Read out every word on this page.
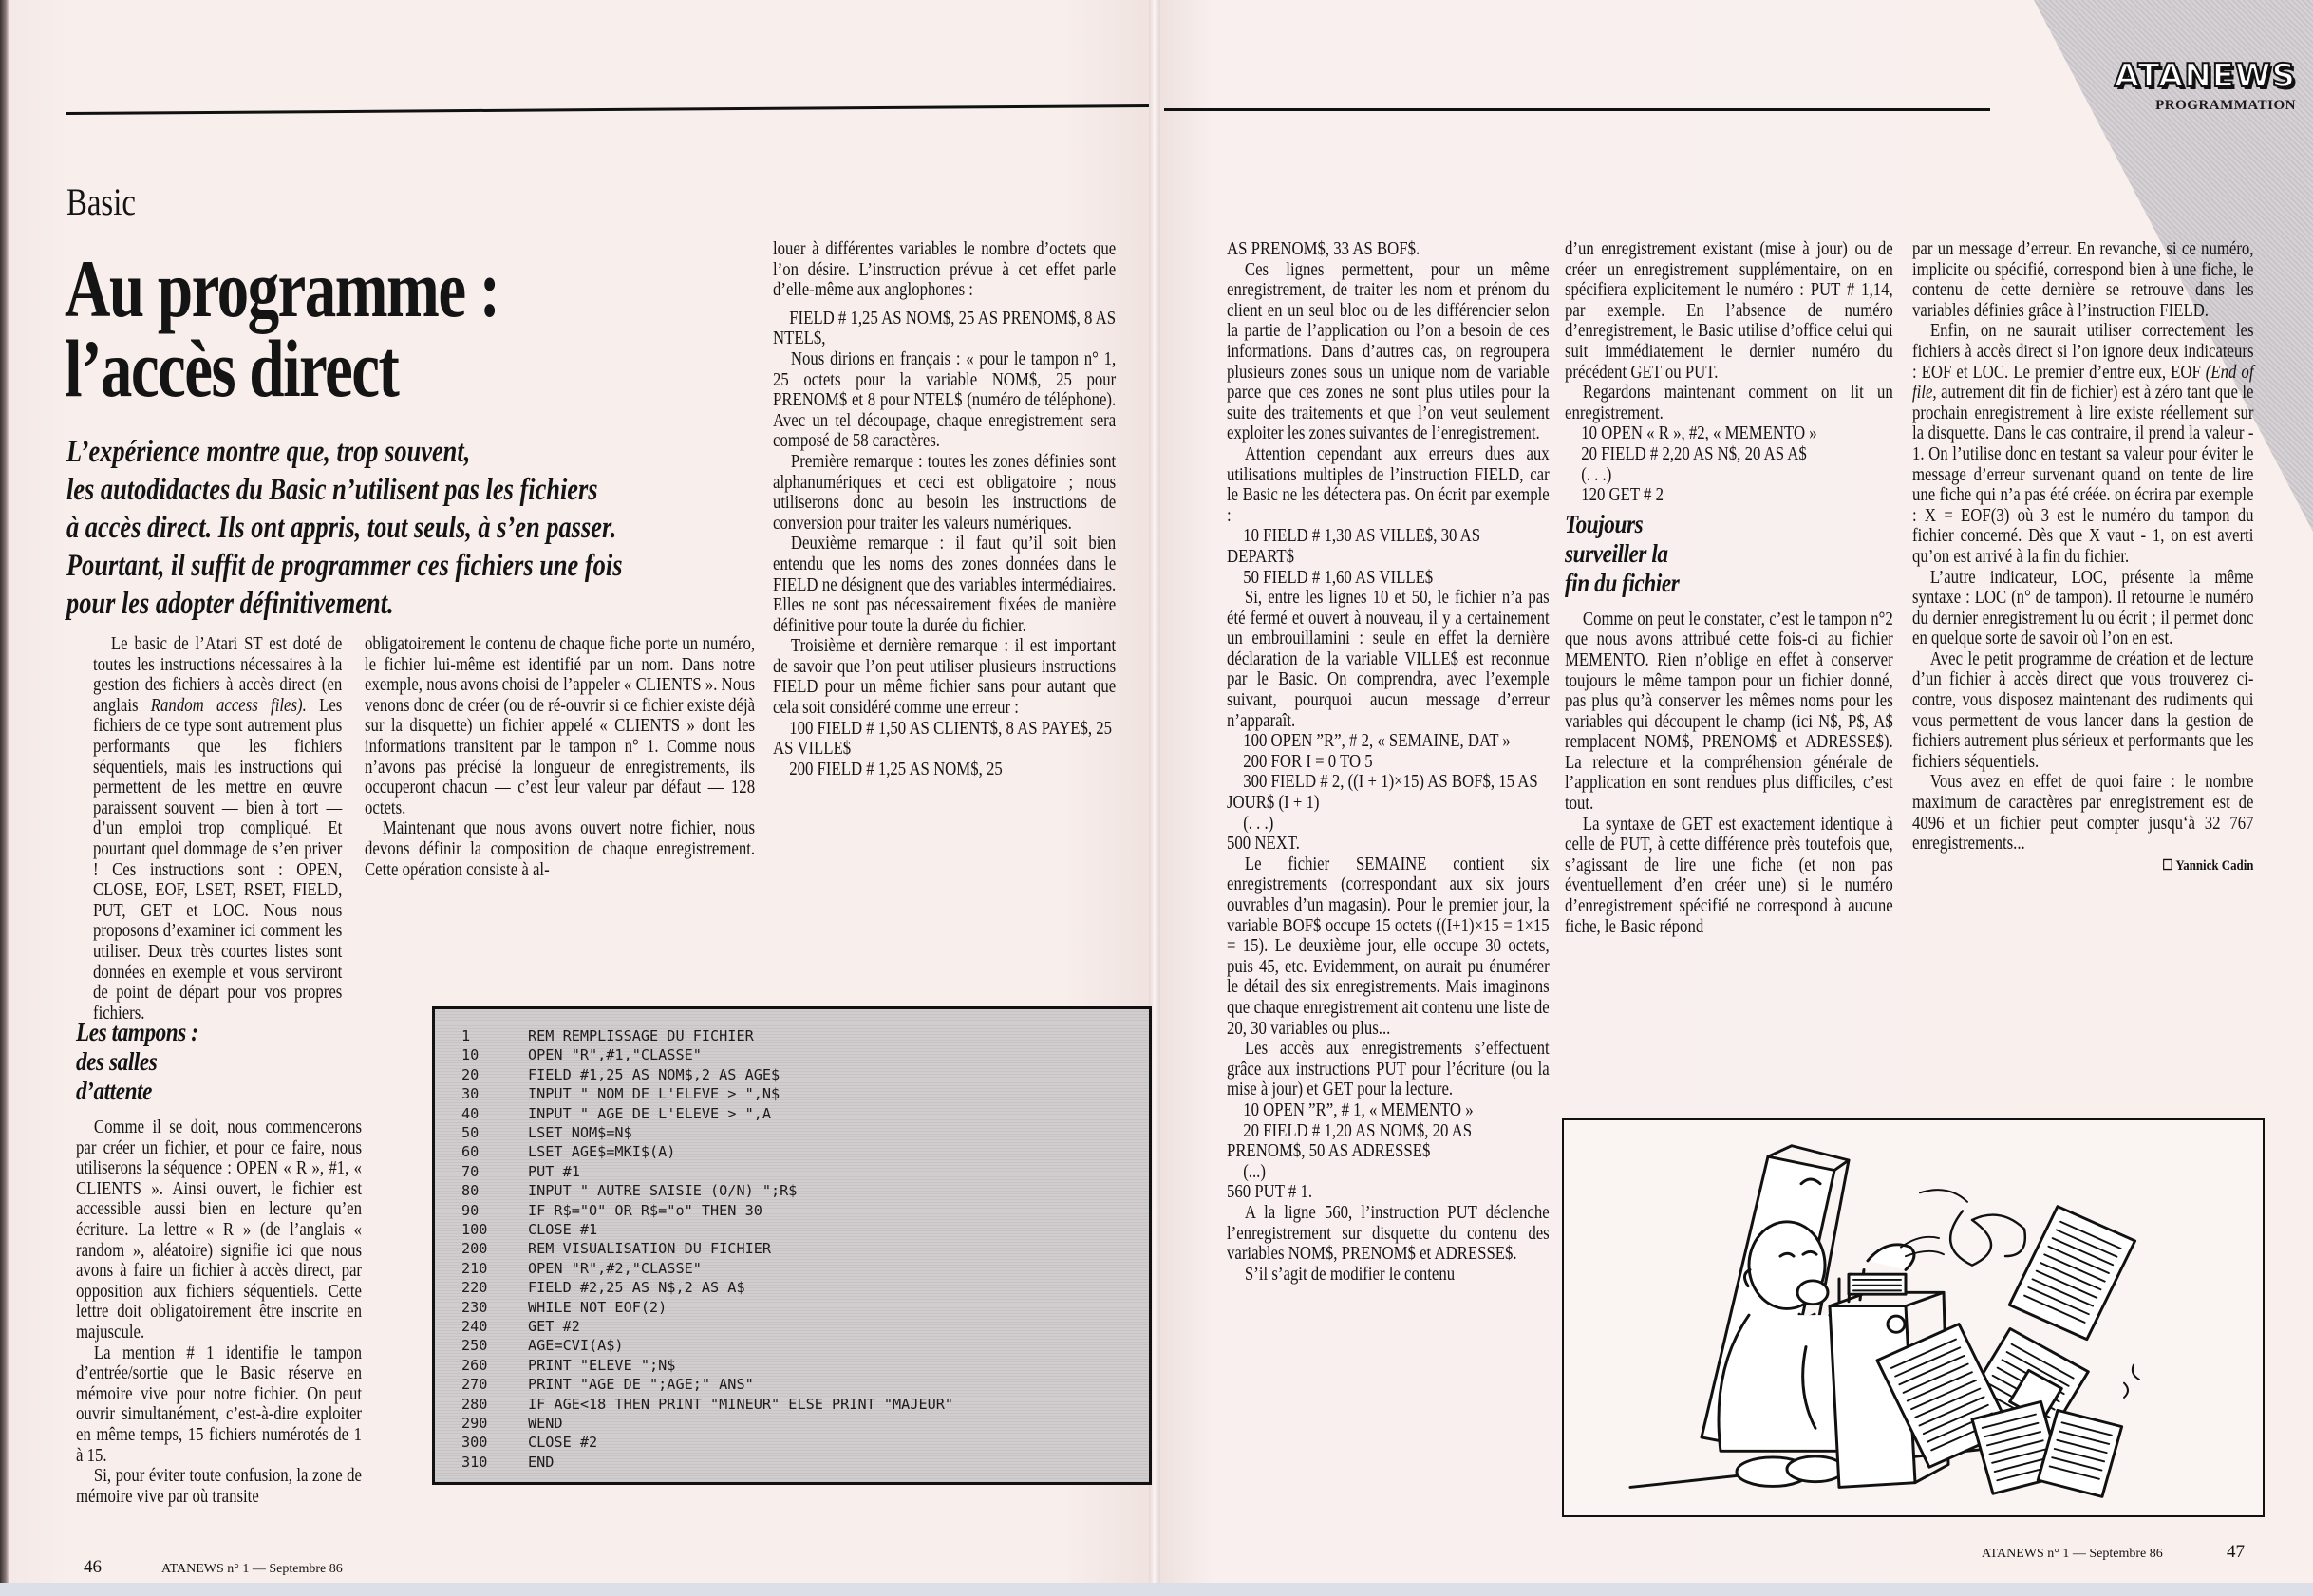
ATANEWS
PROGRAMMATION
Basic
Au programme :
l’accès direct
L’expérience montre que, trop souvent,
les autodidactes du Basic n’utilisent pas les fichiers
à accès direct. Ils ont appris, tout seuls, à s’en passer.
Pourtant, il suffit de programmer ces fichiers une fois
pour les adopter définitivement.

Le basic de l’Atari ST est doté de toutes les instructions nécessaires à la gestion des fichiers à accès direct (en anglais Random access files). Les fichiers de ce type sont autrement plus performants que les fichiers séquentiels, mais les instructions qui permettent de les mettre en œuvre paraissent souvent — bien à tort — d’un emploi trop compliqué. Et pourtant quel dommage de s’en priver ! Ces instructions sont : OPEN, CLOSE, EOF, LSET, RSET, FIELD, PUT, GET et LOC. Nous nous proposons d’examiner ici comment les utiliser. Deux très courtes listes sont données en exemple et vous serviront de point de départ pour vos propres fichiers.

Les tampons :
des salles
d’attente

Comme il se doit, nous commencerons par créer un fichier, et pour ce faire, nous utiliserons la séquence : OPEN « R », #1, « CLIENTS ». Ainsi ouvert, le fichier est accessible aussi bien en lecture qu’en écriture. La lettre « R » (de l’anglais « random », aléatoire) signifie ici que nous avons à faire un fichier à accès direct, par opposition aux fichiers séquentiels. Cette lettre doit obligatoirement être inscrite en majuscule.

La mention # 1 identifie le tampon d’entrée/sortie que le Basic réserve en mémoire vive pour notre fichier. On peut ouvrir simultanément, c’est-à-dire exploiter en même temps, 15 fichiers numérotés de 1 à 15.

Si, pour éviter toute confusion, la zone de mémoire vive par où transite

obligatoirement le contenu de chaque fiche porte un numéro, le fichier lui-même est identifié par un nom. Dans notre exemple, nous avons choisi de l’appeler « CLIENTS ». Nous venons donc de créer (ou de ré-ouvrir si ce fichier existe déjà sur la disquette) un fichier appelé « CLIENTS » dont les informations transitent par le tampon n° 1. Comme nous n’avons pas précisé la longueur de enregistrements, ils occuperont chacun — c’est leur valeur par défaut — 128 octets.

Maintenant que nous avons ouvert notre fichier, nous devons définir la composition de chaque enregistrement. Cette opération consiste à al-

louer à différentes variables le nombre d’octets que l’on désire. L’instruction prévue à cet effet parle d’elle-même aux anglophones :

FIELD # 1,25 AS NOM$, 25 AS PRENOM$, 8 AS NTEL$,

Nous dirions en français : « pour le tampon n° 1, 25 octets pour la variable NOM$, 25 pour PRENOM$ et 8 pour NTEL$ (numéro de téléphone). Avec un tel découpage, chaque enregistrement sera composé de 58 caractères.

Première remarque : toutes les zones définies sont alphanumériques et ceci est obligatoire ; nous utiliserons donc au besoin les instructions de conversion pour traiter les valeurs numériques.

Deuxième remarque : il faut qu’il soit bien entendu que les noms des zones données dans le FIELD ne désignent que des variables intermédiaires. Elles ne sont pas nécessairement fixées de manière définitive pour toute la durée du fichier.

Troisième et dernière remarque : il est important de savoir que l’on peut utiliser plusieurs instructions FIELD pour un même fichier sans pour autant que cela soit considéré comme une erreur :

100 FIELD # 1,50 AS CLIENT$, 8 AS PAYE$, 25 AS VILLE$

200 FIELD # 1,25 AS NOM$, 25

1	REM REMPLISSAGE DU FICHIER
10	OPEN "R",#1,"CLASSE"
20	FIELD #1,25 AS NOM$,2 AS AGE$
30	INPUT " NOM DE L'ELEVE > ",N$
40	INPUT " AGE DE L'ELEVE > ",A
50	LSET NOM$=N$
60	LSET AGE$=MKI$(A)
70	PUT #1
80	INPUT " AUTRE SAISIE (O/N) ";R$
90	IF R$="O" OR R$="o" THEN 30
100	CLOSE #1
200	REM VISUALISATION DU FICHIER
210	OPEN "R",#2,"CLASSE"
220	FIELD #2,25 AS N$,2 AS A$
230	WHILE NOT EOF(2)
240	GET #2
250	AGE=CVI(A$)
260	PRINT "ELEVE ";N$
270	PRINT "AGE DE ";AGE;" ANS"
280	IF AGE<18 THEN PRINT "MINEUR" ELSE PRINT "MAJEUR"
290	WEND
300	CLOSE #2
310	END

AS PRENOM$, 33 AS BOF$.

Ces lignes permettent, pour un même enregistrement, de traiter les nom et prénom du client en un seul bloc ou de les différencier selon la partie de l’application ou l’on a besoin de ces informations. Dans d’autres cas, on regroupera plusieurs zones sous un unique nom de variable parce que ces zones ne sont plus utiles pour la suite des traitements et que l’on veut seulement exploiter les zones suivantes de l’enregistrement.

Attention cependant aux erreurs dues aux utilisations multiples de l’instruction FIELD, car le Basic ne les détectera pas. On écrit par exemple :

10 FIELD # 1,30 AS VILLE$, 30 AS DEPART$

50 FIELD # 1,60 AS VILLE$

Si, entre les lignes 10 et 50, le fichier n’a pas été fermé et ouvert à nouveau, il y a certainement un embrouillamini : seule en effet la dernière déclaration de la variable VILLE$ est reconnue par le Basic. On comprendra, avec l’exemple suivant, pourquoi aucun message d’erreur n’apparaît.

100 OPEN ”R”, # 2, « SEMAINE, DAT »

200 FOR I = 0 TO 5

300 FIELD # 2, ((I + 1)×15) AS BOF$, 15 AS JOUR$ (I + 1)

(. . .)

500 NEXT.

Le fichier SEMAINE contient six enregistrements (correspondant aux six jours ouvrables d’un magasin). Pour le premier jour, la variable BOF$ occupe 15 octets ((I+1)×15 = 1×15 = 15). Le deuxième jour, elle occupe 30 octets, puis 45, etc. Evidemment, on aurait pu énumérer le détail des six enregistrements. Mais imaginons que chaque enregistrement ait contenu une liste de 20, 30 variables ou plus...

Les accès aux enregistrements s’effectuent grâce aux instructions PUT pour l’écriture (ou la mise à jour) et GET pour la lecture.

10 OPEN ”R”, # 1, « MEMENTO »

20 FIELD # 1,20 AS NOM$, 20 AS PRENOM$, 50 AS ADRESSE$

(...)

560 PUT # 1.

A la ligne 560, l’instruction PUT déclenche l’enregistrement sur disquette du contenu des variables NOM$, PRENOM$ et ADRESSE$.

S’il s’agit de modifier le contenu

d’un enregistrement existant (mise à jour) ou de créer un enregistrement supplémentaire, on en spécifiera explicitement le numéro : PUT # 1,14, par exemple. En l’absence de numéro d’enregistrement, le Basic utilise d’office celui qui suit immédiatement le dernier numéro du précédent GET ou PUT.

Regardons maintenant comment on lit un enregistrement.

10 OPEN « R », #2, « MEMENTO »

20 FIELD # 2,20 AS N$, 20 AS A$

(. . .)

120 GET # 2

Toujours
surveiller la
fin du fichier

Comme on peut le constater, c’est le tampon n°2 que nous avons attribué cette fois-ci au fichier MEMENTO. Rien n’oblige en effet à conserver toujours le même tampon pour un fichier donné, pas plus qu’à conserver les mêmes noms pour les variables qui découpent le champ (ici N$, P$, A$ remplacent NOM$, PRENOM$ et ADRESSE$). La relecture et la compréhension générale de l’application en sont rendues plus difficiles, c’est tout.

La syntaxe de GET est exactement identique à celle de PUT, à cette différence près toutefois que, s’agissant de lire une fiche (et non pas éventuellement d’en créer une) si le numéro d’enregistrement spécifié ne correspond à aucune fiche, le Basic répond

par un message d’erreur. En revanche, si ce numéro, implicite ou spécifié, correspond bien à une fiche, le contenu de cette dernière se retrouve dans les variables définies grâce à l’instruction FIELD.

Enfin, on ne saurait utiliser correctement les fichiers à accès direct si l’on ignore deux indicateurs : EOF et LOC. Le premier d’entre eux, EOF (End of file, autrement dit fin de fichier) est à zéro tant que le prochain enregistrement à lire existe réellement sur la disquette. Dans le cas contraire, il prend la valeur - 1. On l’utilise donc en testant sa valeur pour éviter le message d’erreur survenant quand on tente de lire une fiche qui n’a pas été créée. on écrira par exemple : X = EOF(3) où 3 est le numéro du tampon du fichier concerné. Dès que X vaut - 1, on est averti qu’on est arrivé à la fin du fichier.

L’autre indicateur, LOC, présente la même syntaxe : LOC (n° de tampon). Il retourne le numéro du dernier enregistrement lu ou écrit ; il permet donc en quelque sorte de savoir où l’on en est.

Avec le petit programme de création et de lecture d’un fichier à accès direct que vous trouverez ci-contre, vous disposez maintenant des rudiments qui vous permettent de vous lancer dans la gestion de fichiers autrement plus sérieux et performants que les fichiers séquentiels.

Vous avez en effet de quoi faire : le nombre maximum de caractères par enregistrement est de 4096 et un fichier peut compter jusqu‘à 32 767 enregistrements...

☐ Yannick Cadin
46	ATANEWS n° 1 — Septembre 86
ATANEWS n° 1 — Septembre 86	47
